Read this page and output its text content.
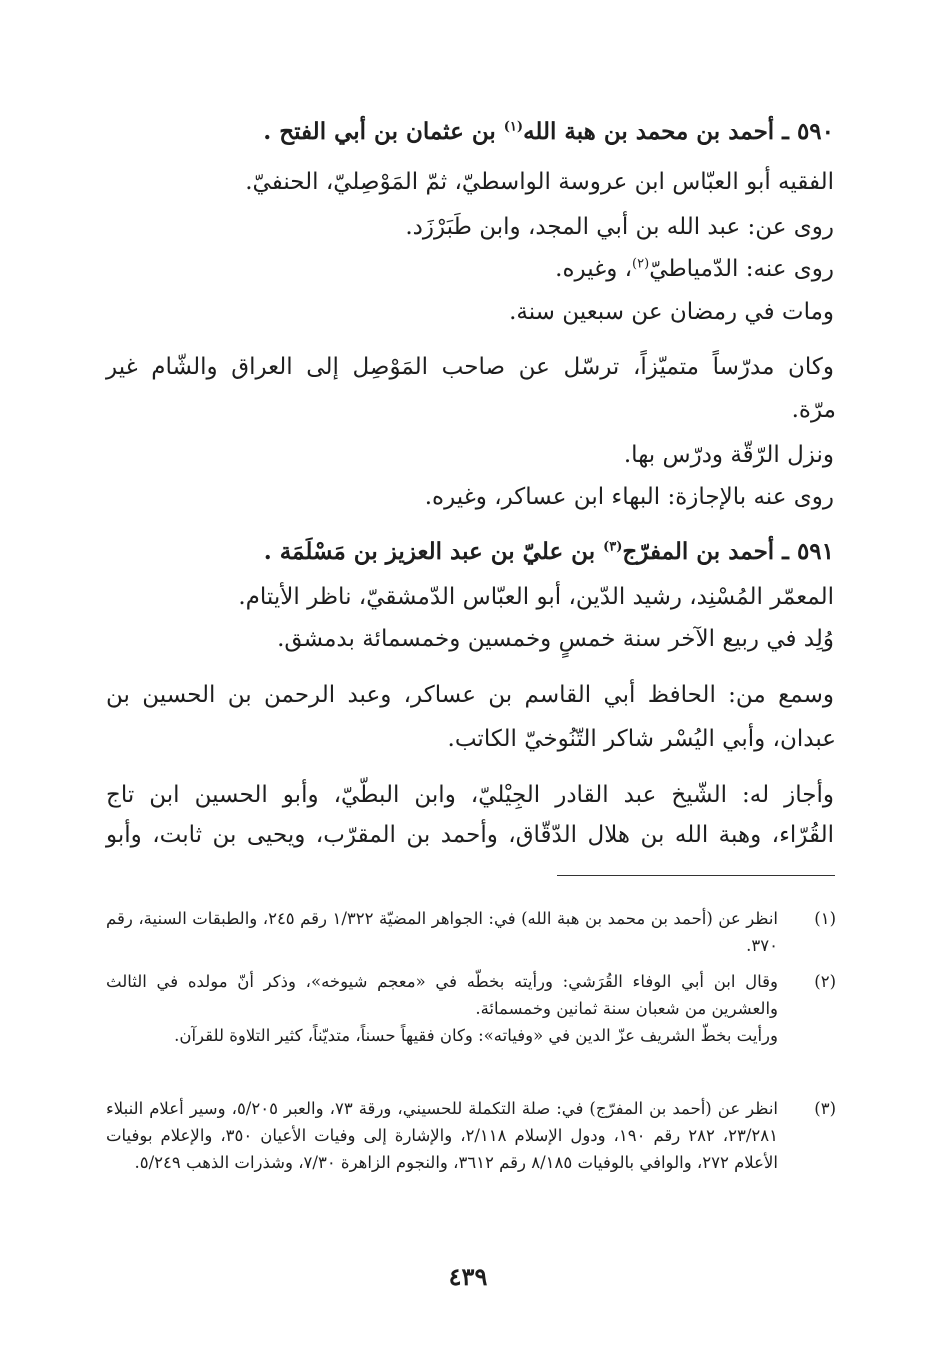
٥٩٠ ـ أحمد بن محمد بن هبة الله$^{(١)}$ بن عثمان بن أبي الفتح .
الفقيه أبو العبّاس ابن عروسة الواسطيّ، ثمّ المَوْصِليّ، الحنفيّ.
روى عن: عبد الله بن أبي المجد، وابن طَبَرْزَد.
روى عنه: الدّمياطيّ$^{(٢)}$، وغيره.
ومات في رمضان عن سبعين سنة.
وكان مدرّساً متميّزاً، ترسّل عن صاحب المَوْصِل إلى العراق والشّام غير
مرّة.
ونزل الرّقّة ودرّس بها.
روى عنه بالإجازة: البهاء ابن عساكر، وغيره.
٥٩١ ـ أحمد بن المفرّج$^{(٣)}$ بن عليّ بن عبد العزيز بن مَسْلَمَة .
المعمّر المُسْنِد، رشيد الدّين، أبو العبّاس الدّمشقيّ، ناظر الأيتام.
وُلِد في ربيع الآخر سنة خمسٍ وخمسين وخمسمائة بدمشق.
وسمع من: الحافظ أبي القاسم بن عساكر، وعبد الرحمن بن الحسين بن
عبدان، وأبي اليُسْر شاكر التّنُوخيّ الكاتب.
وأجاز له: الشّيخ عبد القادر الجِيْليّ، وابن البطّيّ، وأبو الحسين ابن تاج
القُرّاء، وهبة الله بن هلال الدّقّاق، وأحمد بن المقرّب، ويحيى بن ثابت، وأبو
(١)
انظر عن (أحمد بن محمد بن هبة الله) في: الجواهر المضيّة ١/٣٢٢ رقم ٢٤٥، والطبقات السنية، رقم ٣٧٠.
(٢)
وقال ابن أبي الوفاء القُرَشي: ورأيته بخطّه في «معجم شيوخه»، وذكر أنّ مولده في الثالث والعشرين من شعبان سنة ثمانين وخمسمائة.
ورأيت بخطّ الشريف عزّ الدين في «وفياته»: وكان فقيهاً حسناً، متديّناً، كثير التلاوة للقرآن.
(٣)
انظر عن (أحمد بن المفرّج) في: صلة التكملة للحسيني، ورقة ٧٣، والعبر ٥/٢٠٥، وسير أعلام النبلاء ٢٣/٢٨١، ٢٨٢ رقم ١٩٠، ودول الإسلام ٢/١١٨، والإشارة إلى وفيات الأعيان ٣٥٠، والإعلام بوفيات الأعلام ٢٧٢، والوافي بالوفيات ٨/١٨٥ رقم ٣٦١٢، والنجوم الزاهرة ٧/٣٠، وشذرات الذهب ٥/٢٤٩.
٤٣٩
